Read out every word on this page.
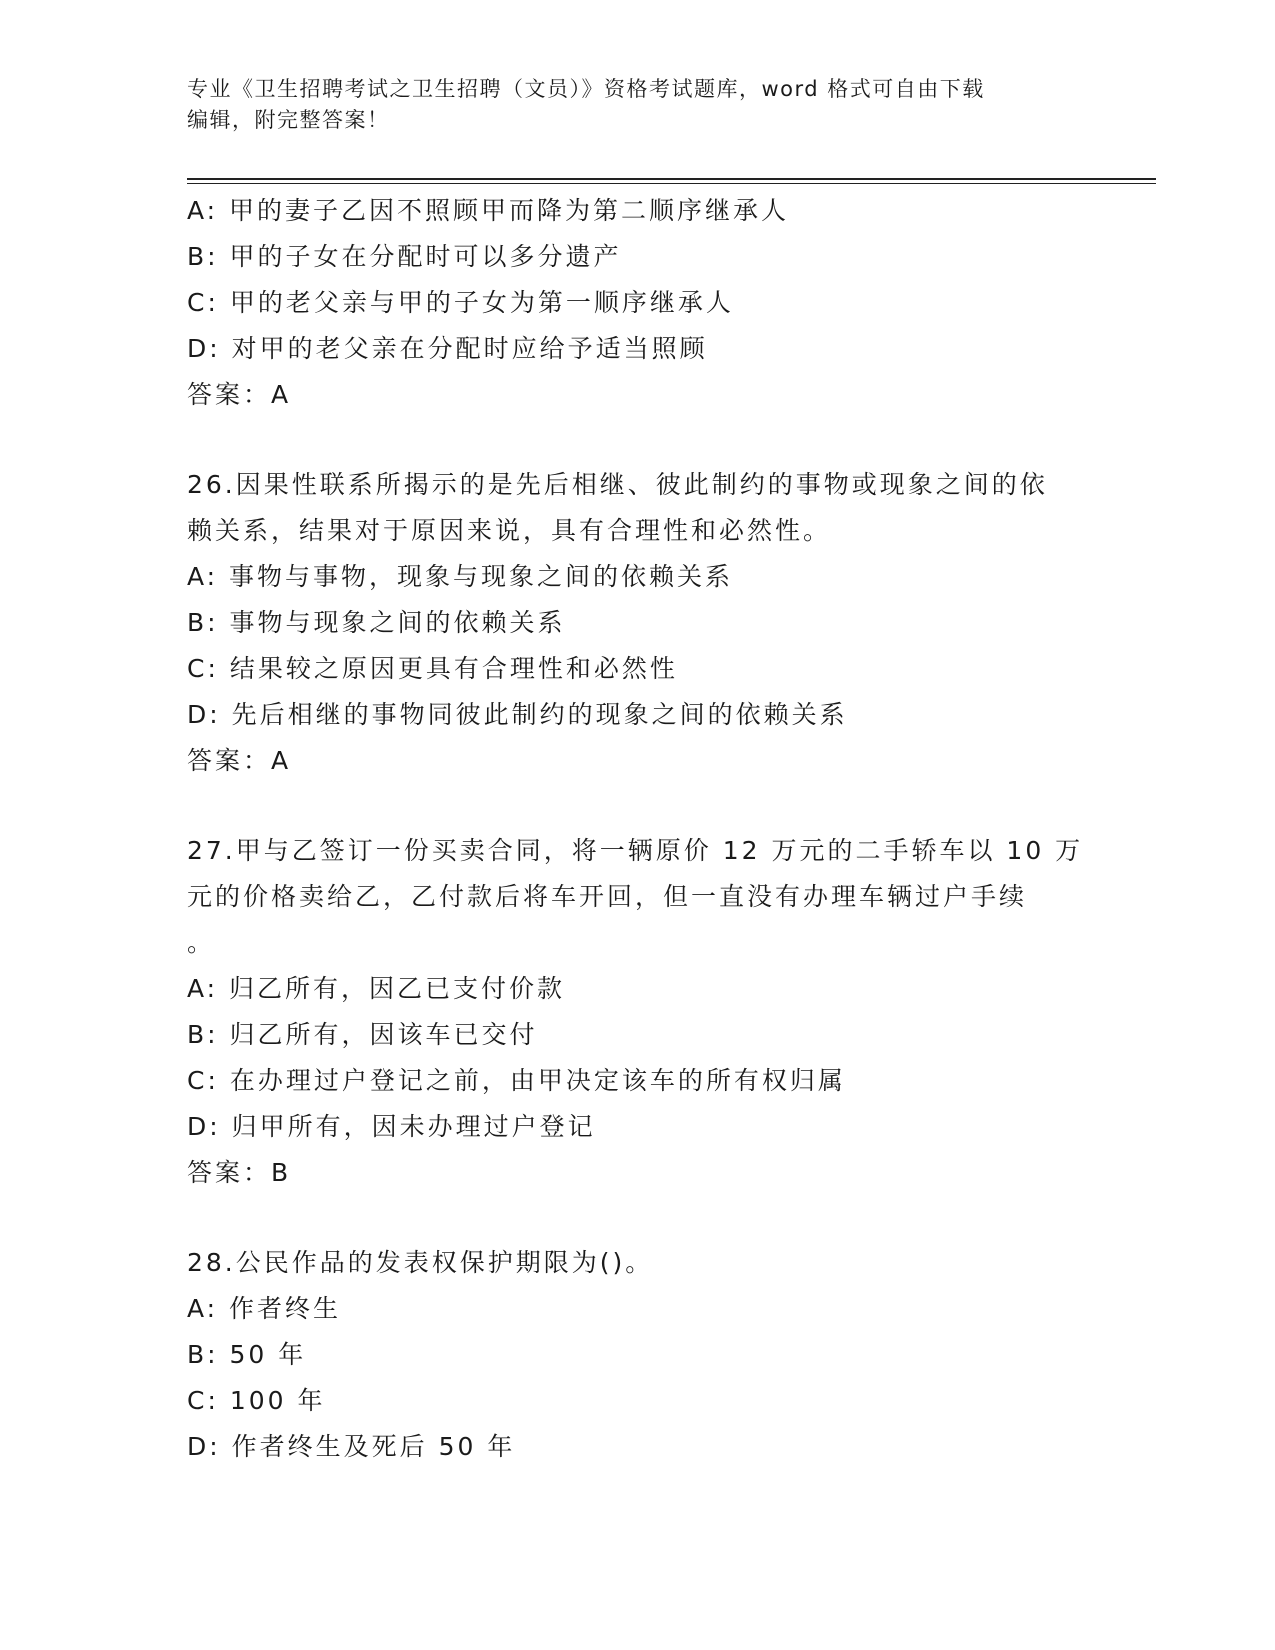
专业《卫生招聘考试之卫生招聘（文员）》资格考试题库，word 格式可自由下载
编辑，附完整答案！
A: 甲的妻子乙因不照顾甲而降为第二顺序继承人
B: 甲的子女在分配时可以多分遗产
C: 甲的老父亲与甲的子女为第一顺序继承人
D: 对甲的老父亲在分配时应给予适当照顾
答案：A
26.因果性联系所揭示的是先后相继、彼此制约的事物或现象之间的依
赖关系，结果对于原因来说，具有合理性和必然性。
A: 事物与事物，现象与现象之间的依赖关系
B: 事物与现象之间的依赖关系
C: 结果较之原因更具有合理性和必然性
D: 先后相继的事物同彼此制约的现象之间的依赖关系
答案：A
27.甲与乙签订一份买卖合同，将一辆原价 12 万元的二手轿车以 10 万
元的价格卖给乙，乙付款后将车开回，但一直没有办理车辆过户手续
。
A: 归乙所有，因乙已支付价款
B: 归乙所有，因该车已交付
C: 在办理过户登记之前，由甲决定该车的所有权归属
D: 归甲所有，因未办理过户登记
答案：B
28.公民作品的发表权保护期限为()。
A: 作者终生
B: 50 年
C: 100 年
D: 作者终生及死后 50 年
